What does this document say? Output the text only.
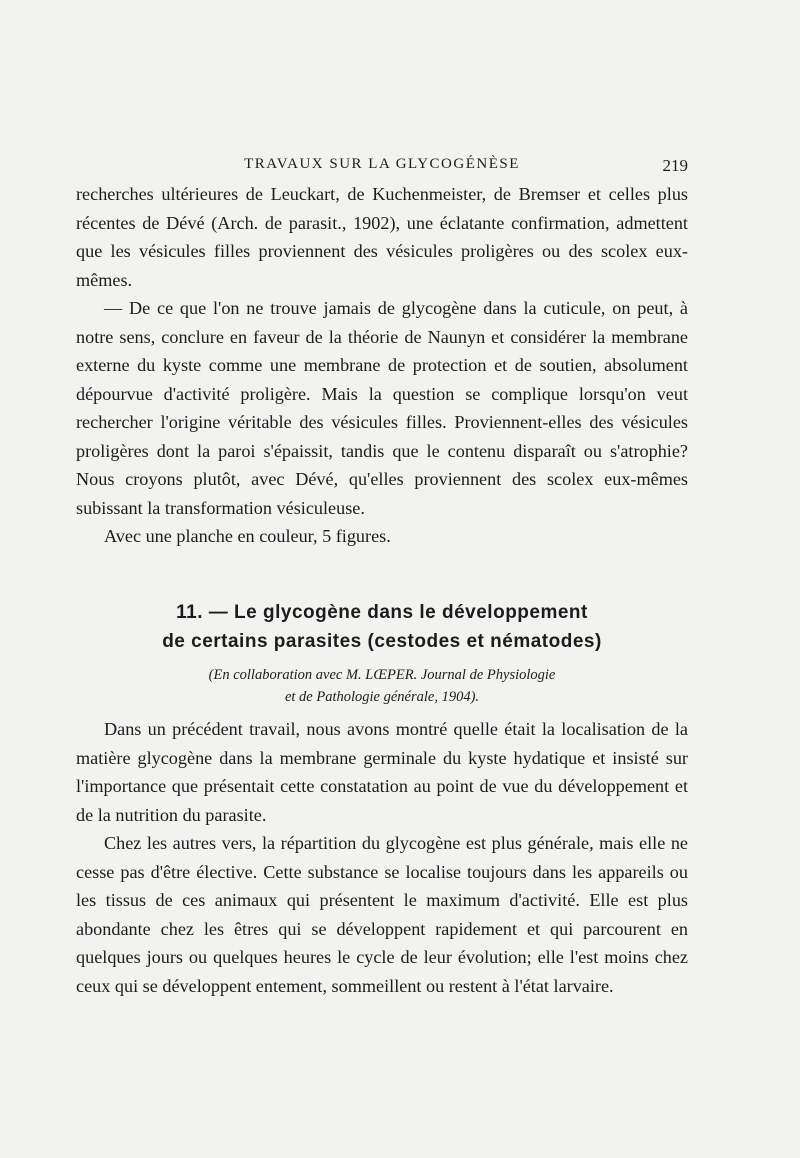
TRAVAUX SUR LA GLYCOGÉNÈSE	219

recherches ultérieures de Leuckart, de Kuchenmeister, de Bremser et celles plus récentes de Dévé (Arch. de parasit., 1902), une éclatante confirmation, admettent que les vésicules filles proviennent des vésicules proligères ou des scolex eux-mêmes.

— De ce que l'on ne trouve jamais de glycogène dans la cuticule, on peut, à notre sens, conclure en faveur de la théorie de Naunyn et considérer la membrane externe du kyste comme une membrane de protection et de soutien, absolument dépourvue d'activité proligère. Mais la question se complique lorsqu'on veut rechercher l'origine véritable des vésicules filles. Proviennent-elles des vésicules proligères dont la paroi s'épaissit, tandis que le contenu disparaît ou s'atrophie? Nous croyons plutôt, avec Dévé, qu'elles proviennent des scolex eux-mêmes subissant la transformation vésiculeuse.

Avec une planche en couleur, 5 figures.

11. — Le glycogène dans le développement
de certains parasites (cestodes et nématodes)
(En collaboration avec M. LŒPER. Journal de Physiologie
et de Pathologie générale, 1904).

Dans un précédent travail, nous avons montré quelle était la localisation de la matière glycogène dans la membrane germinale du kyste hydatique et insisté sur l'importance que présentait cette constatation au point de vue du développement et de la nutrition du parasite.

Chez les autres vers, la répartition du glycogène est plus générale, mais elle ne cesse pas d'être élective. Cette substance se localise toujours dans les appareils ou les tissus de ces animaux qui présentent le maximum d'activité. Elle est plus abondante chez les êtres qui se développent rapidement et qui parcourent en quelques jours ou quelques heures le cycle de leur évolution; elle l'est moins chez ceux qui se développent entement, sommeillent ou restent à l'état larvaire.
